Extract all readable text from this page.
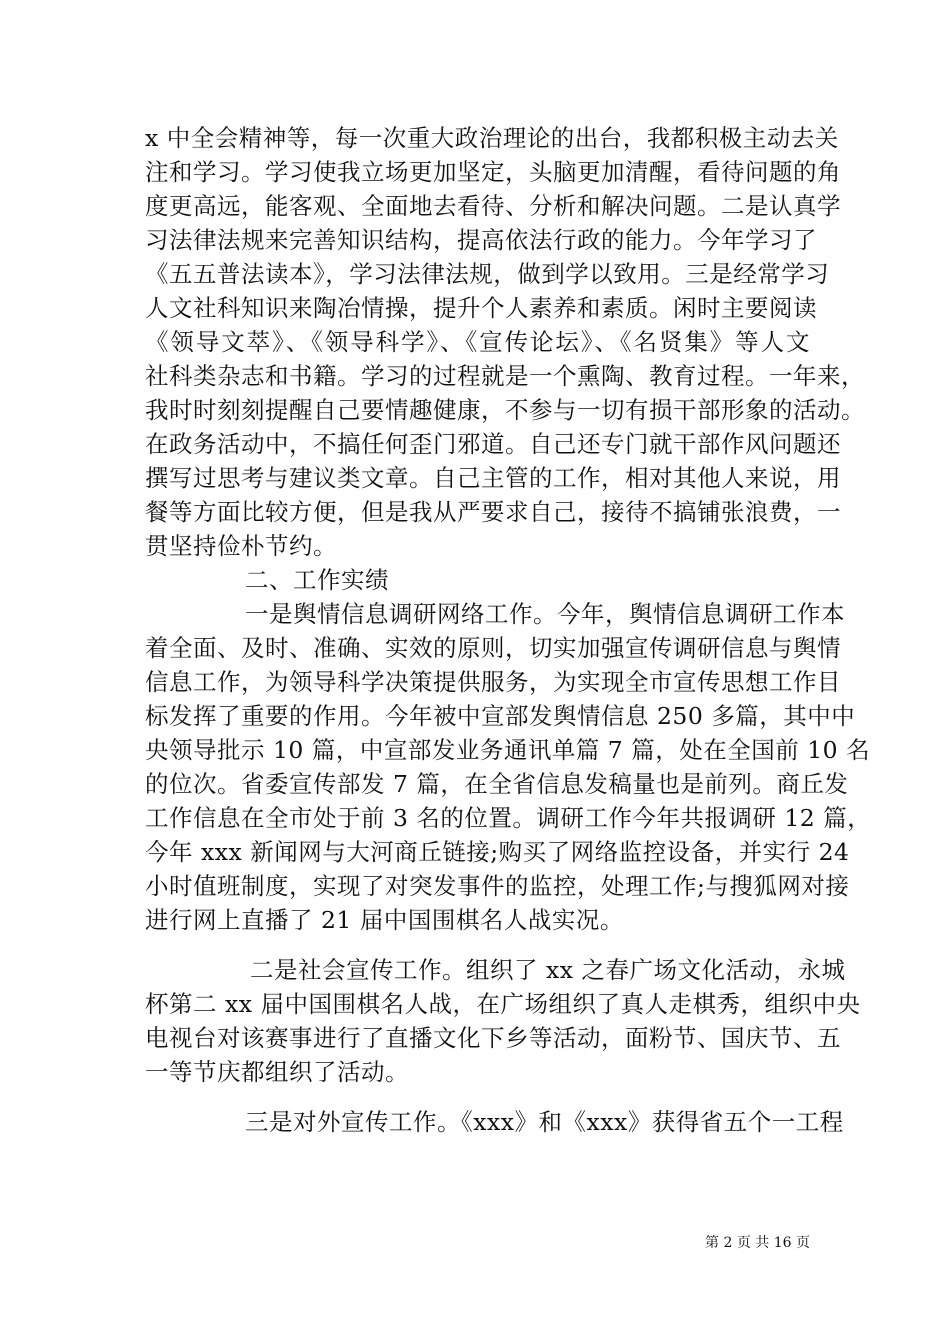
x 中全会精神等，每一次重大政治理论的出台，我都积极主动去关
注和学习。学习使我立场更加坚定，头脑更加清醒，看待问题的角
度更高远，能客观、全面地去看待、分析和解决问题。二是认真学
习法律法规来完善知识结构，提高依法行政的能力。今年学习了
《五五普法读本》，学习法律法规，做到学以致用。三是经常学习
人文社科知识来陶冶情操，提升个人素养和素质。闲时主要阅读
《领导文萃》、《领导科学》、《宣传论坛》、《名贤集》等人文
社科类杂志和书籍。学习的过程就是一个熏陶、教育过程。一年来，
我时时刻刻提醒自己要情趣健康，不参与一切有损干部形象的活动。
在政务活动中，不搞任何歪门邪道。自己还专门就干部作风问题还
撰写过思考与建议类文章。自己主管的工作，相对其他人来说，用
餐等方面比较方便，但是我从严要求自己，接待不搞铺张浪费，一
贯坚持俭朴节约。
二、工作实绩
一是舆情信息调研网络工作。今年，舆情信息调研工作本
着全面、及时、准确、实效的原则，切实加强宣传调研信息与舆情
信息工作，为领导科学决策提供服务，为实现全市宣传思想工作目
标发挥了重要的作用。今年被中宣部发舆情信息 250 多篇，其中中
央领导批示 10 篇，中宣部发业务通讯单篇 7 篇，处在全国前 10 名
的位次。省委宣传部发 7 篇，在全省信息发稿量也是前列。商丘发
工作信息在全市处于前 3 名的位置。调研工作今年共报调研 12 篇，
今年 xxx 新闻网与大河商丘链接;购买了网络监控设备，并实行 24
小时值班制度，实现了对突发事件的监控，处理工作;与搜狐网对接
进行网上直播了 21 届中国围棋名人战实况。
二是社会宣传工作。组织了 xx 之春广场文化活动，永城
杯第二 xx 届中国围棋名人战，在广场组织了真人走棋秀，组织中央
电视台对该赛事进行了直播文化下乡等活动，面粉节、国庆节、五
一等节庆都组织了活动。
三是对外宣传工作。《xxx》和《xxx》获得省五个一工程
第 2 页 共 16 页
